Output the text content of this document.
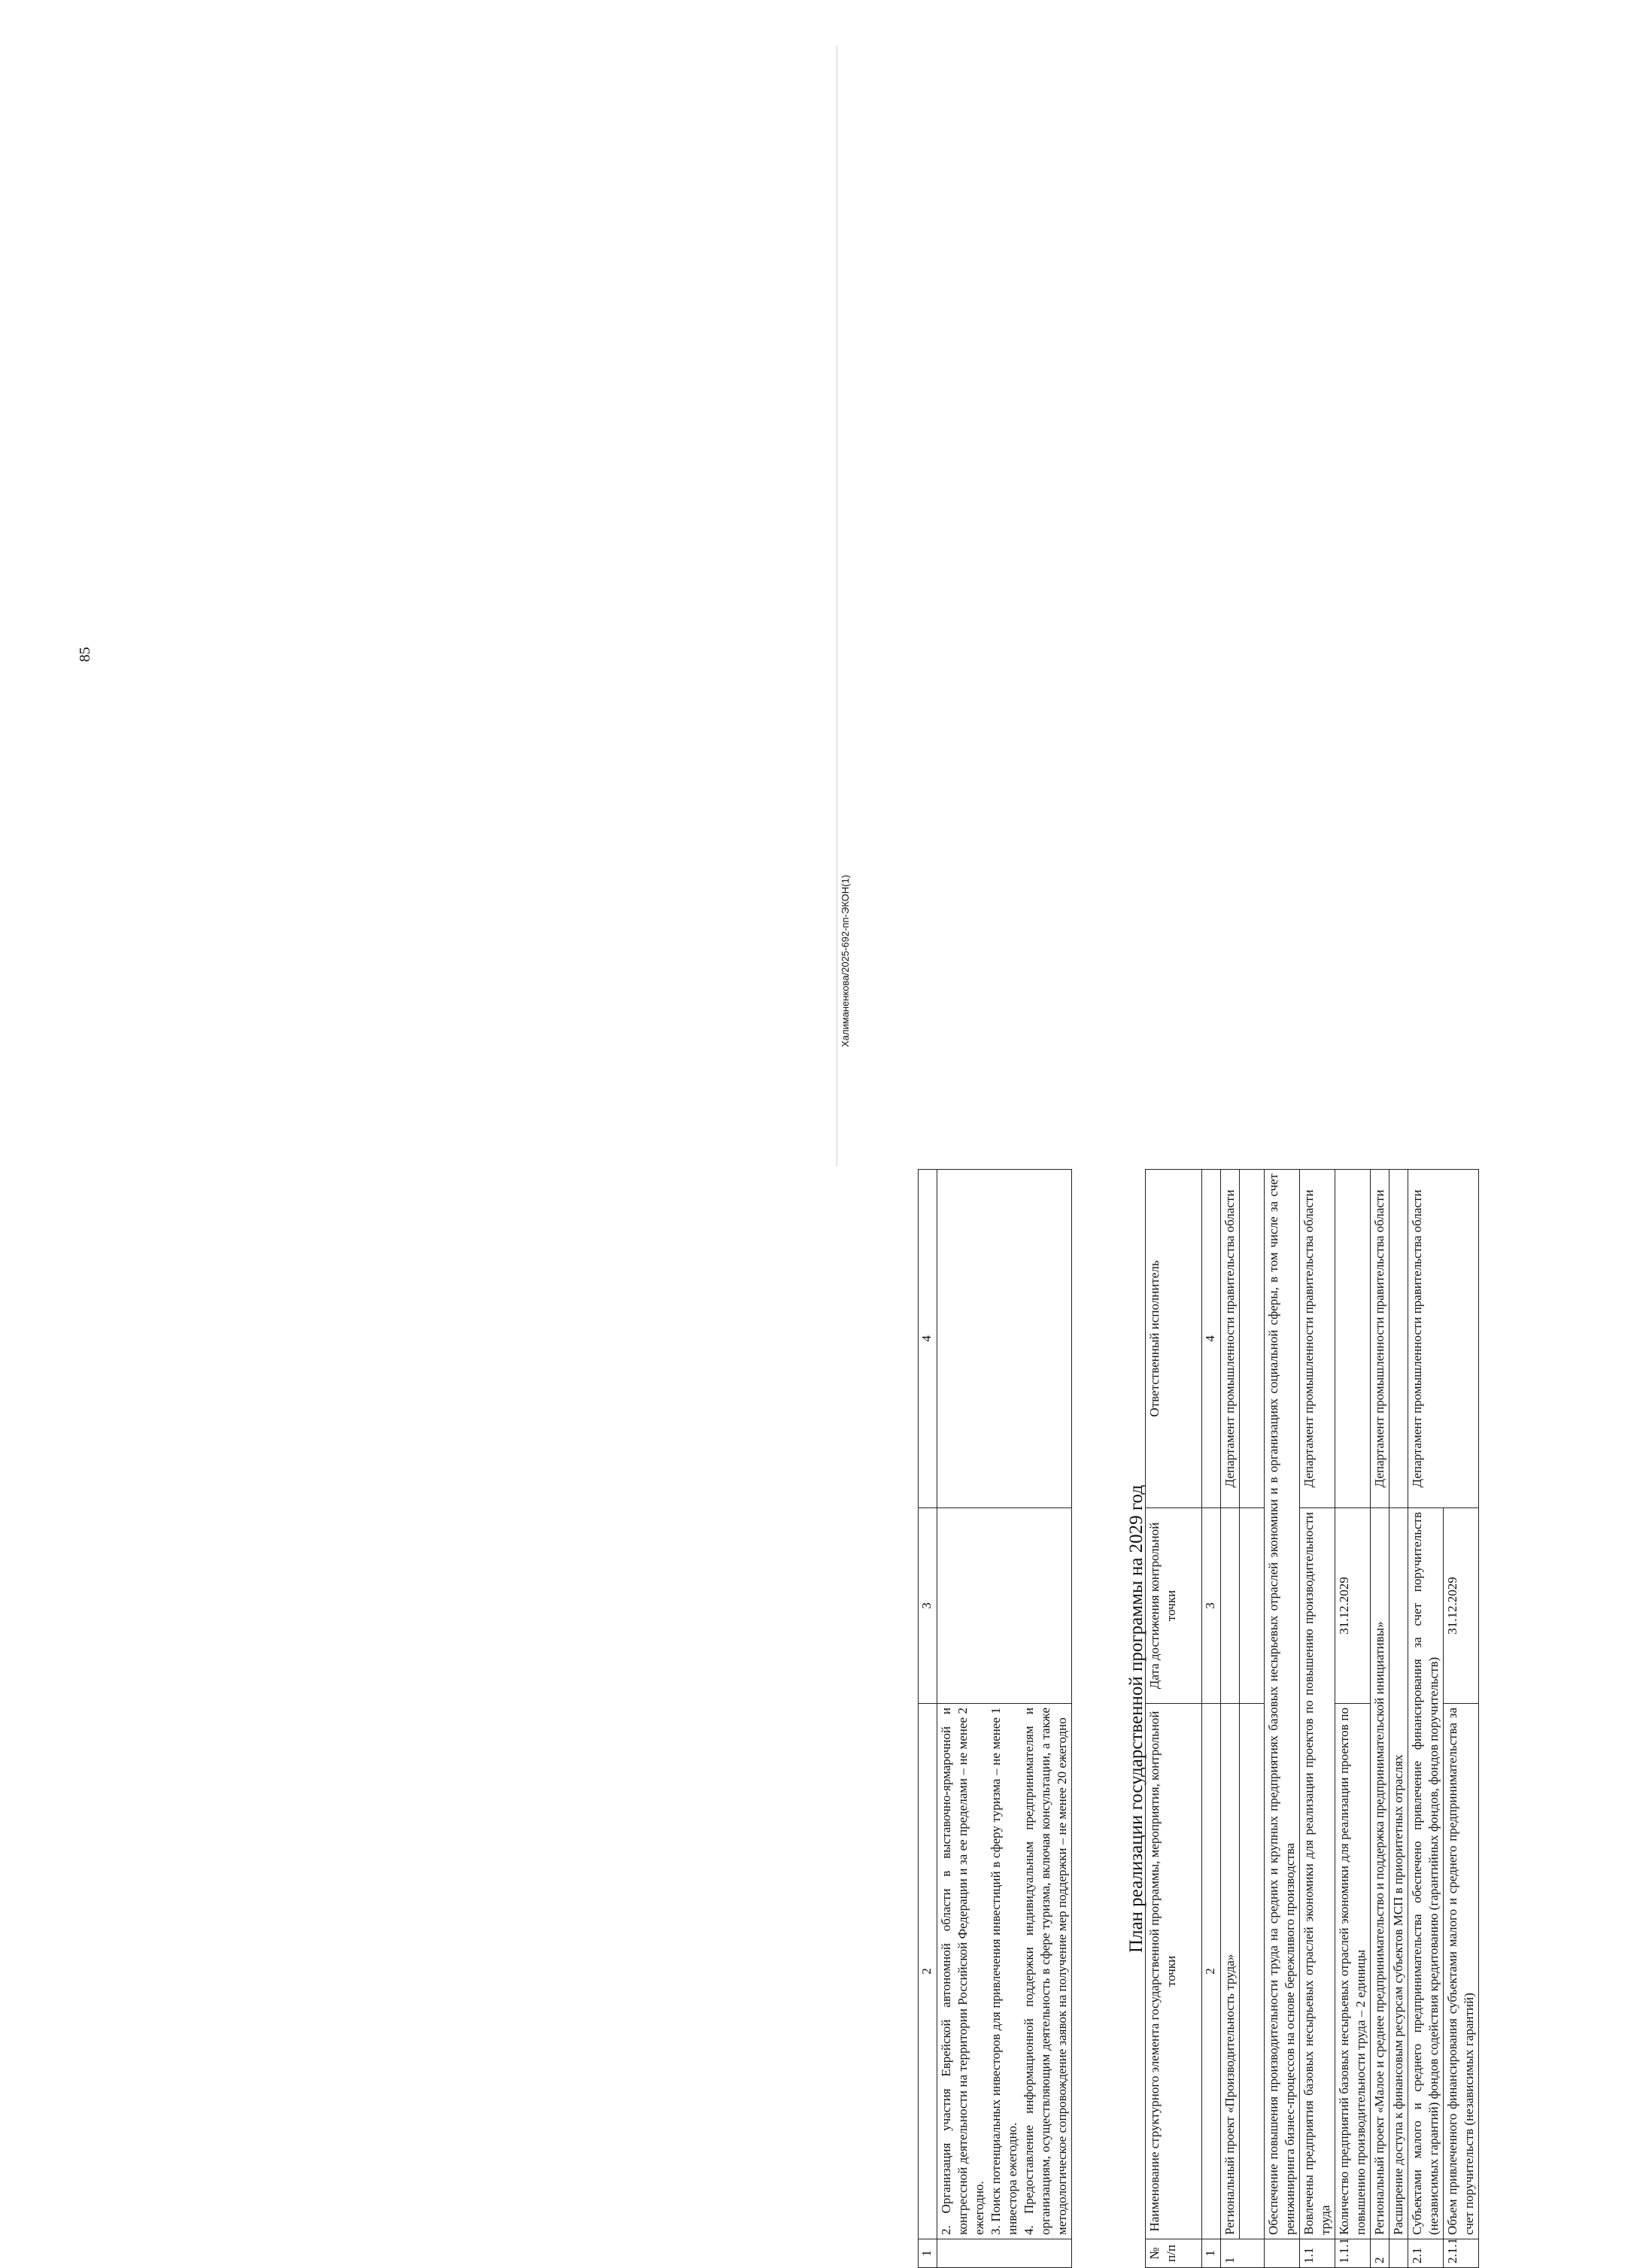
85
1	2	3	4

	2. Организация участия Еврейской автономной области в выставочно-ярмарочной и конгрессной деятельности на территории Российской Федерации и за ее пределами – не менее 2 ежегодно. 3. Поиск потенциальных инвесторов для привлечения инвестиций в сферу туризма – не менее 1 инвестора ежегодно. 4. Предоставление информационной поддержки индивидуальным предпринимателям и организациям, осуществляющим деятельность в сфере туризма, включая консультации, а также методологическое сопровождение заявок на получение мер поддержки – не менее 20 ежегодно		
			План реализации государственной программы на 2029 год
№ п/п	Наименование структурного элемента государственной программы, мероприятия, контрольной точки	Дата достижения контрольной точки	Ответственный исполнитель
1	2	3	4
1	Региональный проект «Производительность труда»		Департамент промышленности правительства области

	Обеспечение повышения производительности труда на средних и крупных предприятиях базовых несырьевых отраслей экономики и в организациях социальной сферы, в том числе за счет реинжиниринга бизнес-процессов на основе бережливого производства		
1.1	Вовлечены предприятия базовых несырьевых отраслей экономики для реализации проектов по повышению производительности труда		Департамент промышленности правительства области
1.1.1	Количество предприятий базовых несырьевых отраслей экономики для реализации проектов по повышению производительности труда – 2 единицы	31.12.2029	
2	Региональный проект «Малое и среднее предпринимательство и поддержка предпринимательской инициативы»		Департамент промышленности правительства области
	Расширение доступа к финансовым ресурсам субъектов МСП в приоритетных отраслях		
2.1	Субъектами малого и среднего предпринимательства обеспечено привлечение финансирования за счет поручительств (независимых гарантий) фондов содействия кредитованию (гарантийных фондов, фондов поручительств)		Департамент промышленности правительства области
2.1.1	Объем привлеченного финансирования субъектами малого и среднего предпринимательства за счет поручительств (независимых гарантий)	31.12.2029	
Халиманенкова/2025-692-пп-ЭКОН(1)
